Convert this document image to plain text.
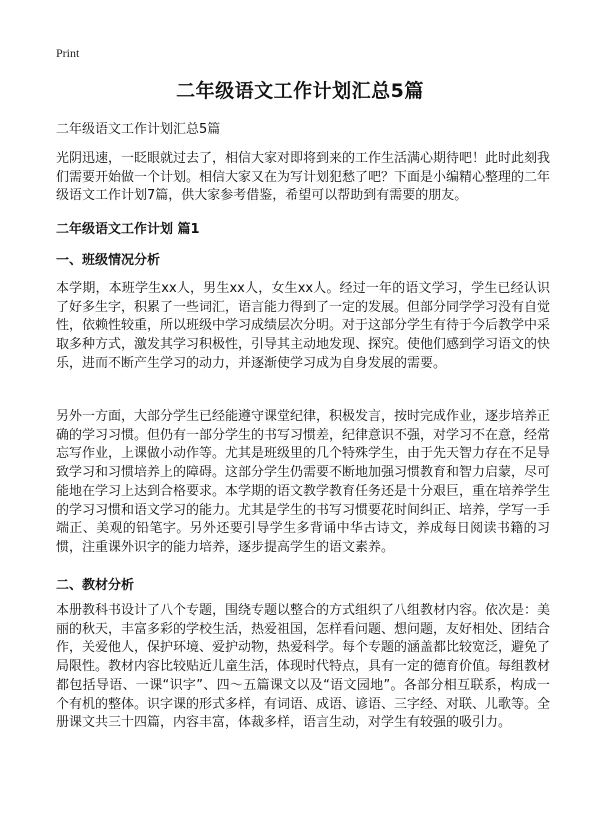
Print
二年级语文工作计划汇总5篇
二年级语文工作计划汇总5篇

光阴迅速，一眨眼就过去了，相信大家对即将到来的工作生活满心期待吧！此时此刻我们需要开始做一个计划。相信大家又在为写计划犯愁了吧？下面是小编精心整理的二年级语文工作计划7篇，供大家参考借鉴，希望可以帮助到有需要的朋友。

二年级语文工作计划 篇1
一、班级情况分析

本学期，本班学生xx人，男生xx人，女生xx人。经过一年的语文学习，学生已经认识了好多生字，积累了一些词汇，语言能力得到了一定的发展。但部分同学学习没有自觉性，依赖性较重，所以班级中学习成绩层次分明。对于这部分学生有待于今后教学中采取多种方式，激发其学习积极性，引导其主动地发现、探究。使他们感到学习语文的快乐，进而不断产生学习的动力，并逐渐使学习成为自身发展的需要。

另外一方面，大部分学生已经能遵守课堂纪律，积极发言，按时完成作业，逐步培养正确的学习习惯。但仍有一部分学生的书写习惯差，纪律意识不强，对学习不在意，经常忘写作业，上课做小动作等。尤其是班级里的几个特殊学生，由于先天智力存在不足导致学习和习惯培养上的障碍。这部分学生仍需要不断地加强习惯教育和智力启蒙，尽可能地在学习上达到合格要求。本学期的语文教学教育任务还是十分艰巨，重在培养学生的学习习惯和语文学习的能力。尤其是学生的书写习惯要花时间纠正、培养，学写一手端正、美观的铅笔字。另外还要引导学生多背诵中华古诗文，养成每日阅读书籍的习惯，注重课外识字的能力培养，逐步提高学生的语文素养。

二、教材分析

本册教科书设计了八个专题，围绕专题以整合的方式组织了八组教材内容。依次是：美丽的秋天，丰富多彩的学校生活，热爱祖国，怎样看问题、想问题，友好相处、团结合作，关爱他人，保护环境、爱护动物，热爱科学。每个专题的涵盖都比较宽泛，避免了局限性。教材内容比较贴近儿童生活，体现时代特点，具有一定的德育价值。每组教材都包括导语、一课“识字”、四～五篇课文以及“语文园地”。各部分相互联系，构成一个有机的整体。识字课的形式多样，有词语、成语、谚语、三字经、对联、儿歌等。全册课文共三十四篇，内容丰富，体裁多样，语言生动，对学生有较强的吸引力。
